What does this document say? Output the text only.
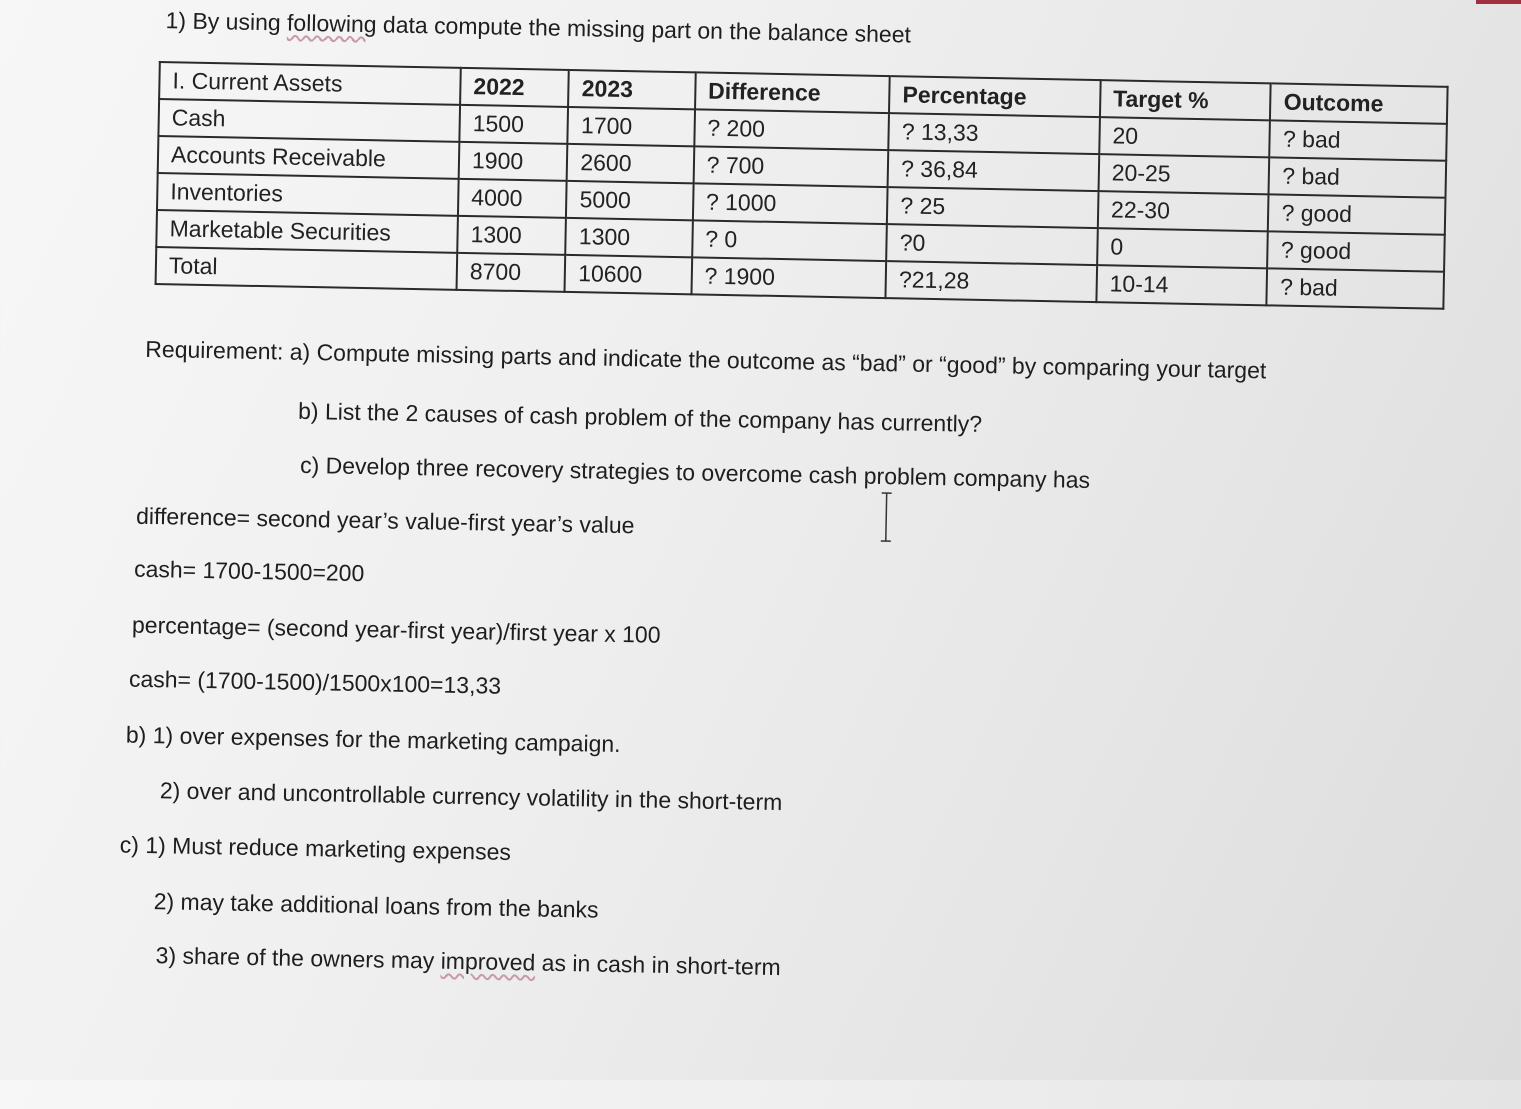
1) By using following data compute the missing part on the balance sheet
I. Current Assets	2022	2023	Difference	Percentage	Target %	Outcome
Cash	1500	1700	? 200	? 13,33	20	? bad
Accounts Receivable	1900	2600	? 700	? 36,84	20-25	? bad
Inventories	4000	5000	? 1000	? 25	22-30	? good
Marketable Securities	1300	1300	? 0	?0	0	? good
Total	8700	10600	? 1900	?21,28	10-14	? bad
Requirement: a) Compute missing parts and indicate the outcome as “bad” or “good” by comparing your target
b) List the 2 causes of cash problem of the company has currently?
c) Develop three recovery strategies to overcome cash problem company has
difference= second year’s value-first year’s value
cash= 1700-1500=200
percentage= (second year-first year)/first year x 100
cash= (1700-1500)/1500x100=13,33
b) 1) over expenses for the marketing campaign.
2) over and uncontrollable currency volatility in the short-term
c) 1) Must reduce marketing expenses
2) may take additional loans from the banks
3) share of the owners may improved as in cash in short-term
